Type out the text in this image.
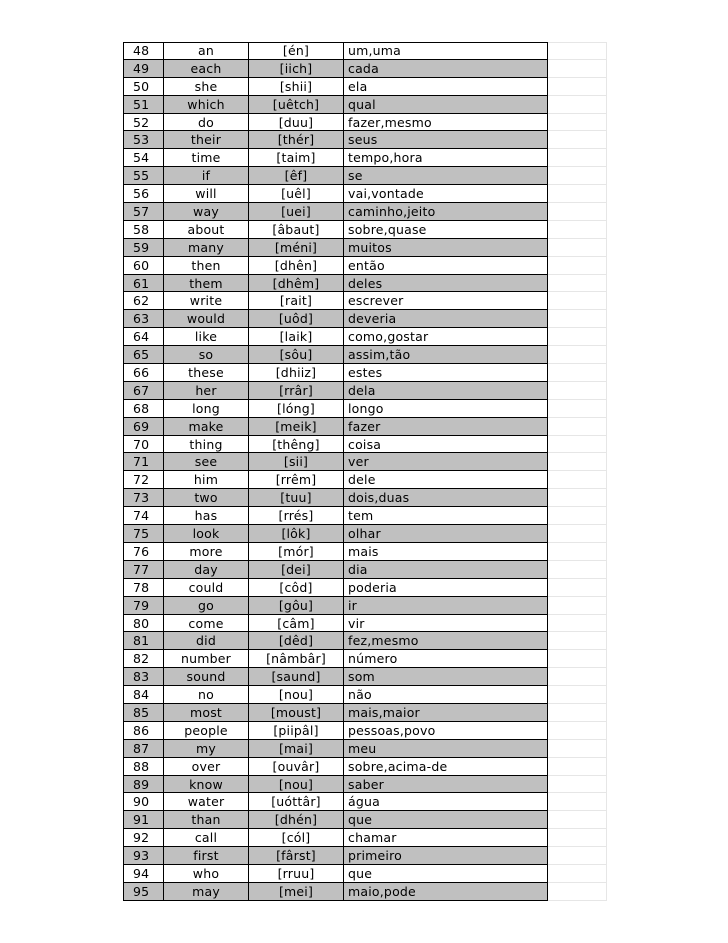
48	an	[én]	um,uma
49	each	[iich]	cada
50	she	[shii]	ela
51	which	[uêtch]	qual
52	do	[duu]	fazer,mesmo
53	their	[thér]	seus
54	time	[taim]	tempo,hora
55	if	[êf]	se
56	will	[uêl]	vai,vontade
57	way	[uei]	caminho,jeito
58	about	[âbaut]	sobre,quase
59	many	[méni]	muitos
60	then	[dhên]	então
61	them	[dhêm]	deles
62	write	[rait]	escrever
63	would	[uôd]	deveria
64	like	[laik]	como,gostar
65	so	[sôu]	assim,tão
66	these	[dhiiz]	estes
67	her	[rrâr]	dela
68	long	[lóng]	longo
69	make	[meik]	fazer
70	thing	[thêng]	coisa
71	see	[sii]	ver
72	him	[rrêm]	dele
73	two	[tuu]	dois,duas
74	has	[rrés]	tem
75	look	[lôk]	olhar
76	more	[mór]	mais
77	day	[dei]	dia
78	could	[côd]	poderia
79	go	[gôu]	ir
80	come	[câm]	vir
81	did	[dêd]	fez,mesmo
82	number	[nâmbâr]	número
83	sound	[saund]	som
84	no	[nou]	não
85	most	[moust]	mais,maior
86	people	[piipâl]	pessoas,povo
87	my	[mai]	meu
88	over	[ouvâr]	sobre,acima-de
89	know	[nou]	saber
90	water	[uóttâr]	água
91	than	[dhén]	que
92	call	[cól]	chamar
93	first	[fârst]	primeiro
94	who	[rruu]	que
95	may	[mei]	maio,pode
